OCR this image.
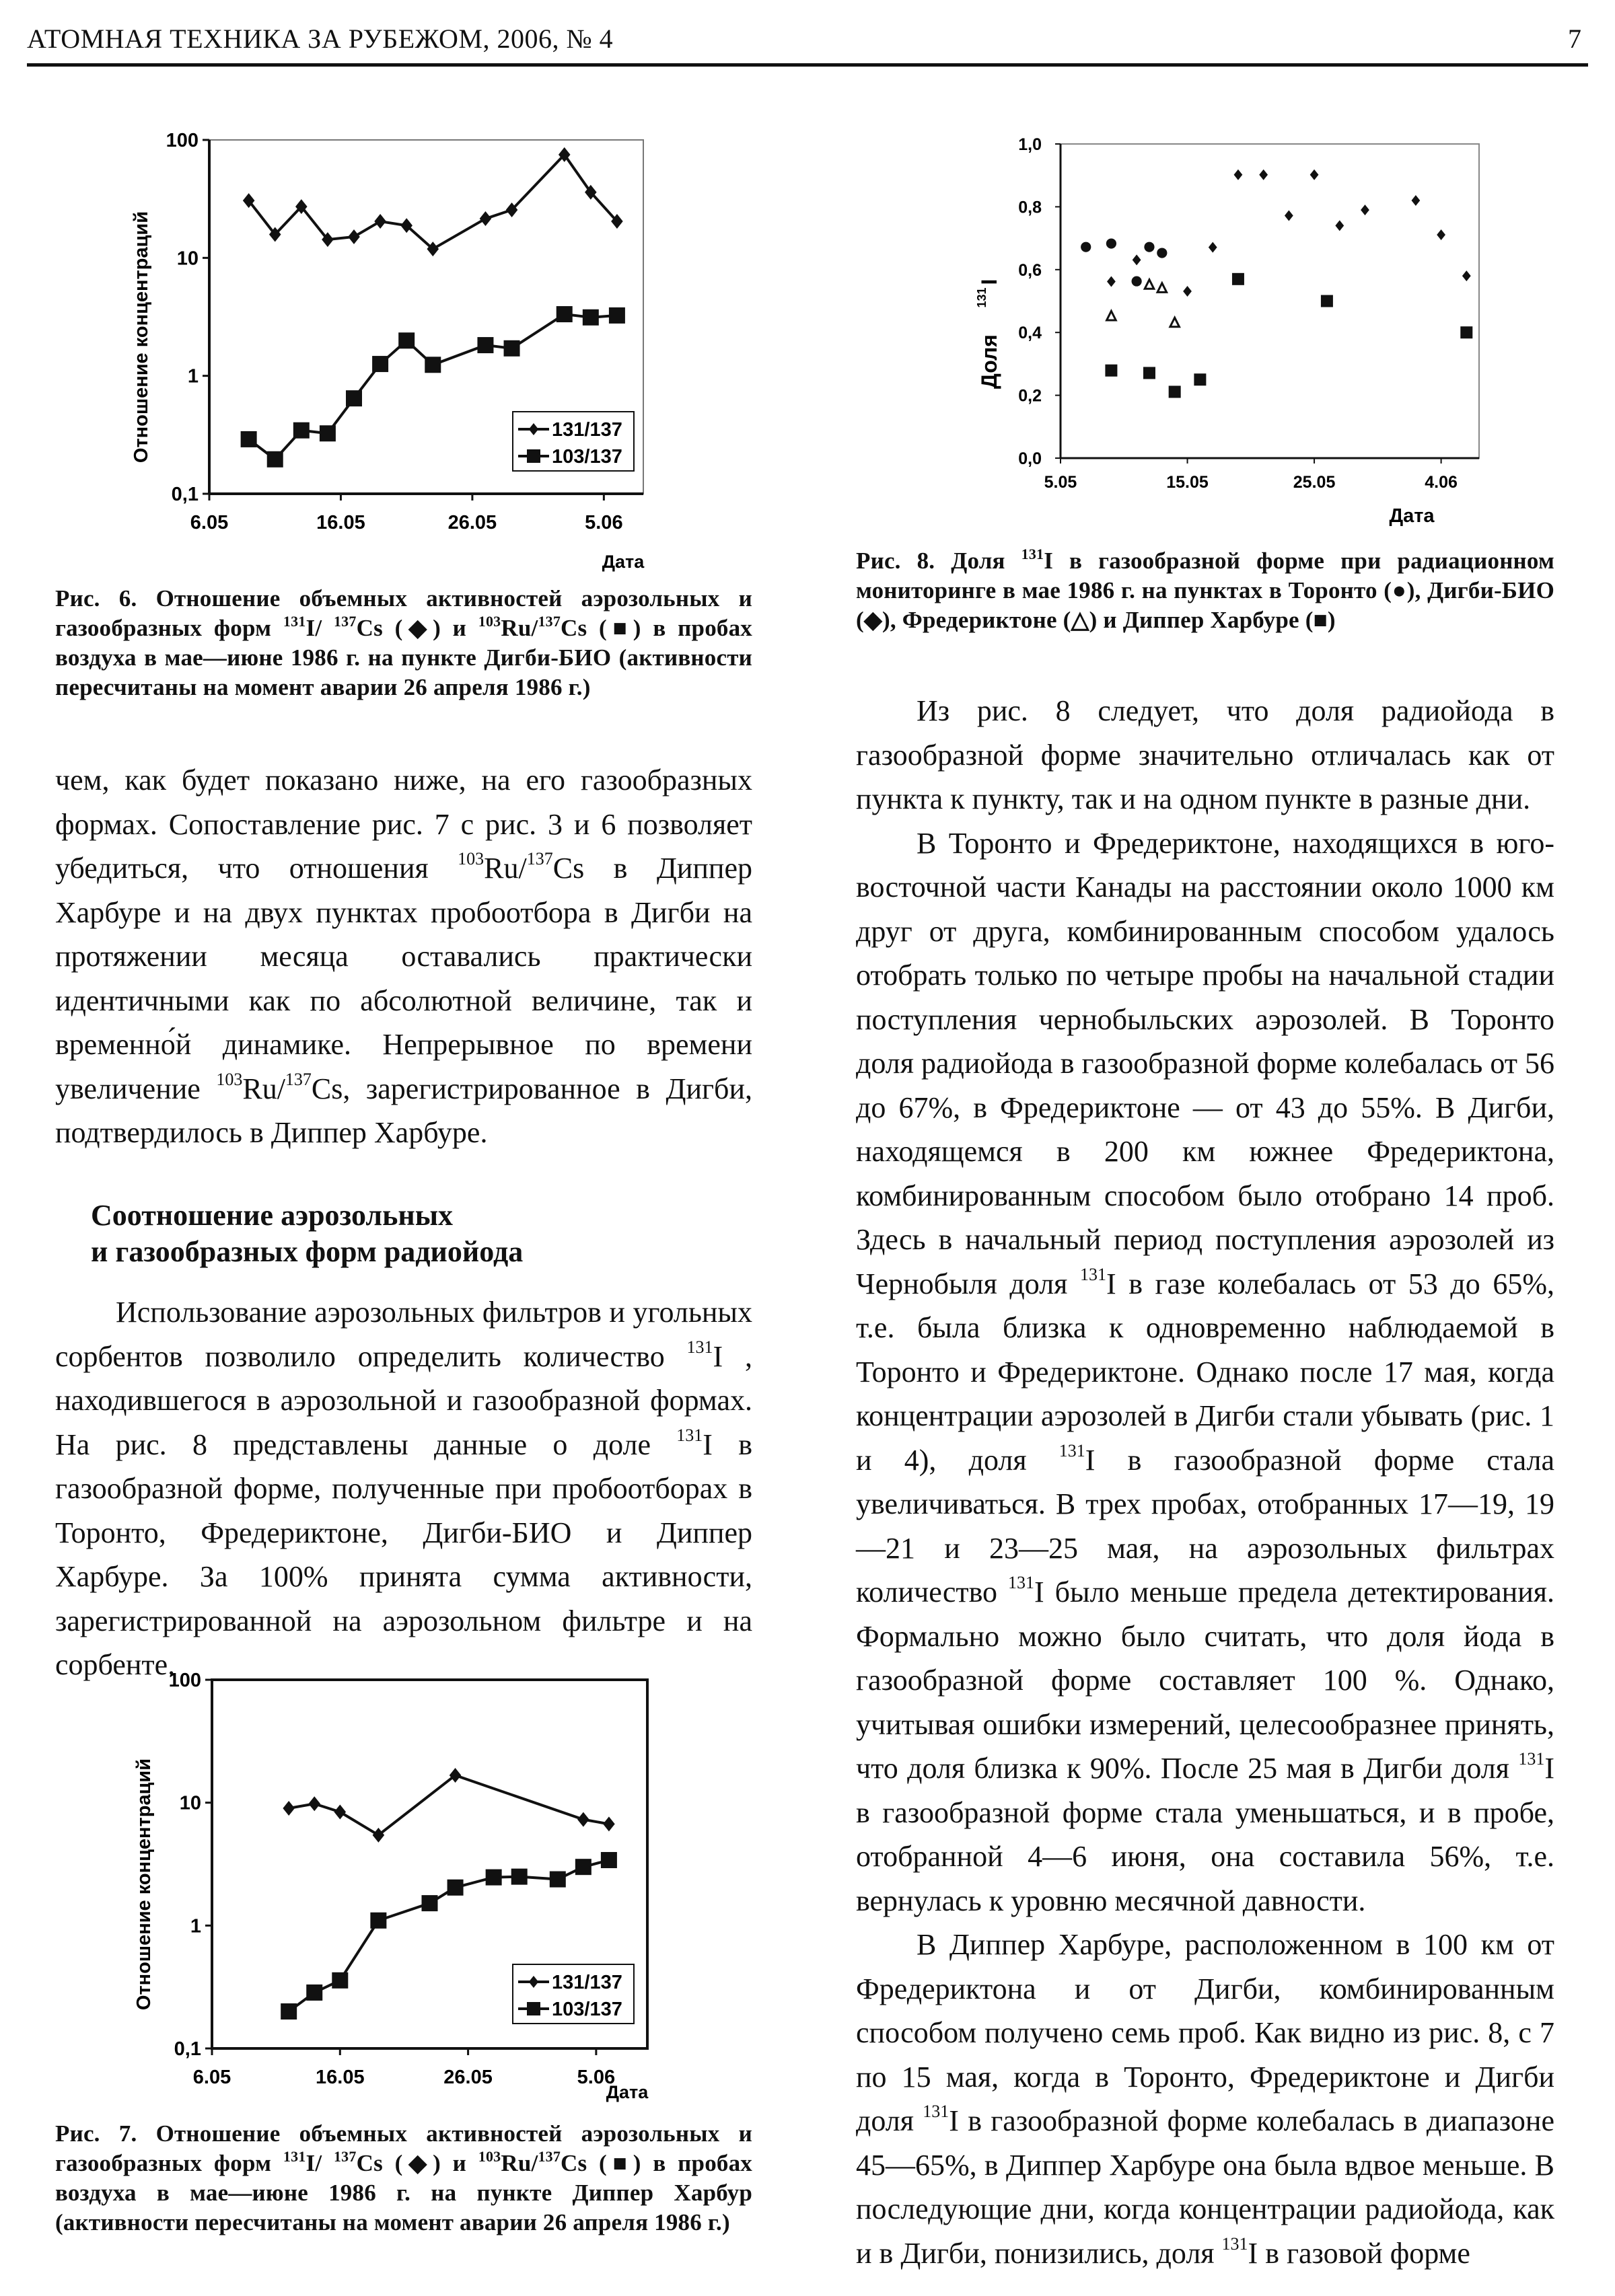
АТОМНАЯ ТЕХНИКА ЗА РУБЕЖОМ, 2006, № 4	7
0,1
1
10
100
6.05	16.05	26.05	5.06
Дата
Отношение концентраций	131/137
103/137
Рис. 6. Отношение объемных активностей аэрозольных и газообразных форм $^{131}$I/ $^{137}$Cs (◆) и $^{103}$Ru/$^{137}$Cs (■) в пробах воздуха в мае—июне 1986 г. на пункте Дигби-БИО (активности пересчитаны на момент аварии 26 апреля 1986 г.)

чем, как будет показано ниже, на его газообразных формах. Сопоставление рис. 7 с рис. 3 и 6 позволяет убедиться, что отношения $^{103}$Ru/$^{137}$Cs в Диппер Харбуре и на двух пунктах пробоотбора в Дигби на протяжении месяца оставались практически идентичными как по абсолютной величине, так и временно́й динамике. Непрерывное по времени увеличение $^{103}$Ru/$^{137}$Cs, зарегистрированное в Дигби, подтвердилось в Диппер Харбуре.

Соотношение аэрозольных
и газообразных форм радиойода

Использование аэрозольных фильтров и угольных сорбентов позволило определить количество $^{131}$I , находившегося в аэрозольной и газообразной формах. На рис. 8 представлены данные о доле $^{131}$I в газообразной форме, полученные при пробоотборах в Торонто, Фредериктоне, Дигби-БИО и Диппер Харбуре. За 100% принята сумма активности, зарегистрированной на аэрозольном фильтре и на сорбенте.

0,1
1
10
100
6.05	16.05	26.05	5.06
Дата
Отношение концентраций	131/137
103/137
Рис. 7. Отношение объемных активностей аэрозольных и газообразных форм $^{131}$I/ $^{137}$Cs (◆) и $^{103}$Ru/$^{137}$Cs (■) в пробах воздуха в мае—июне 1986 г. на пункте Диппер Харбур (активности пересчитаны на момент аварии 26 апреля 1986 г.)
0,0
0,2
0,4
0,6
0,8
1,0
5.05	15.05	25.05	4.06
Дата
Доля
131
I
Рис. 8. Доля $^{131}$I в газообразной форме при радиационном мониторинге в мае 1986 г. на пунктах в Торонто (●), Дигби-БИО (◆), Фредериктоне (△) и Диппер Харбуре (■)

Из рис. 8 следует, что доля радиойода в газообразной форме значительно отличалась как от пункта к пункту, так и на одном пункте в разные дни.

В Торонто и Фредериктоне, находящихся в юго-восточной части Канады на расстоянии около 1000 км друг от друга, комбинированным способом удалось отобрать только по четыре пробы на начальной стадии поступления чернобыльских аэрозолей. В Торонто доля радиойода в газообразной форме колебалась от 56 до 67%, в Фредериктоне — от 43 до 55%. В Дигби, находящемся в 200 км южнее Фредериктона, комбинированным способом было отобрано 14 проб. Здесь в начальный период поступления аэрозолей из Чернобыля доля $^{131}$I в газе колебалась от 53 до 65%, т.е. была близка к одновременно наблюдаемой в Торонто и Фредериктоне. Однако после 17 мая, когда концентрации аэрозолей в Дигби стали убывать (рис. 1 и 4), доля $^{131}$I в газообразной форме стала увеличиваться. В трех пробах, отобранных 17—19, 19—21 и 23—25 мая, на аэрозольных фильтрах количество $^{131}$I было меньше предела детектирования. Формально можно было считать, что доля йода в газообразной форме составляет 100 %. Однако, учитывая ошибки измерений, целесообразнее принять, что доля близка к 90%. После 25 мая в Дигби доля $^{131}$I в газообразной форме стала уменьшаться, и в пробе, отобранной 4—6 июня, она составила 56%, т.е. вернулась к уровню месячной давности.

В Диппер Харбуре, расположенном в 100 км от Фредериктона и от Дигби, комбинированным способом получено семь проб. Как видно из рис. 8, с 7 по 15 мая, когда в Торонто, Фредериктоне и Дигби доля $^{131}$I в газообразной форме колебалась в диапазоне 45—65%, в Диппер Харбуре она была вдвое меньше. В последующие дни, когда концентрации радиойода, как и в Дигби, понизились, доля $^{131}$I в газовой форме
